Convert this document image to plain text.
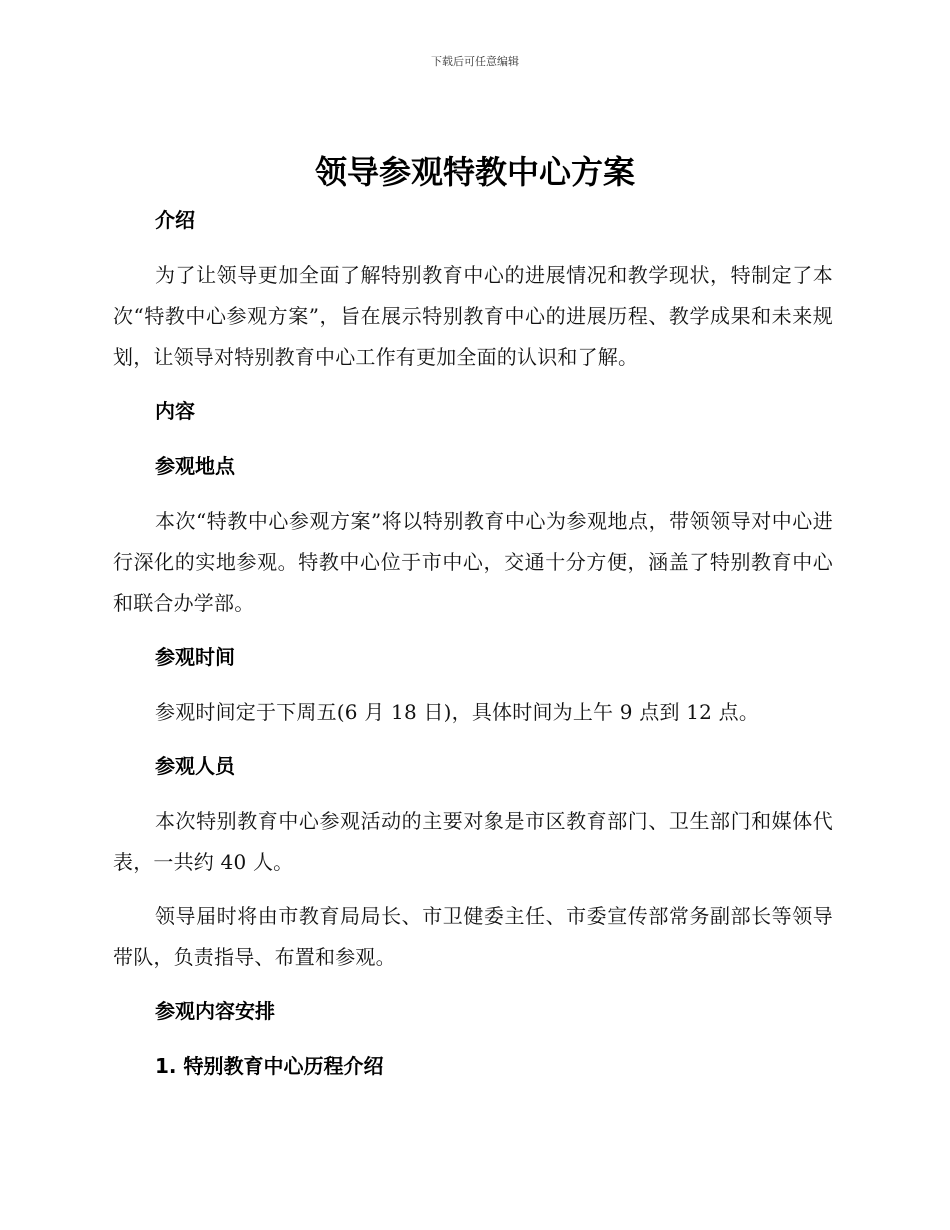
下载后可任意编辑
领导参观特教中心方案
介绍

为了让领导更加全面了解特别教育中心的进展情况和教学现状，特制定了本次“特教中心参观方案”，旨在展示特别教育中心的进展历程、教学成果和未来规划，让领导对特别教育中心工作有更加全面的认识和了解。

内容
参观地点

本次“特教中心参观方案”将以特别教育中心为参观地点，带领领导对中心进行深化的实地参观。特教中心位于市中心，交通十分方便，涵盖了特别教育中心和联合办学部。

参观时间

参观时间定于下周五(6 月 18 日)，具体时间为上午 9 点到 12 点。

参观人员

本次特别教育中心参观活动的主要对象是市区教育部门、卫生部门和媒体代表，一共约 40 人。

领导届时将由市教育局局长、市卫健委主任、市委宣传部常务副部长等领导带队，负责指导、布置和参观。

参观内容安排
1. 特别教育中心历程介绍
